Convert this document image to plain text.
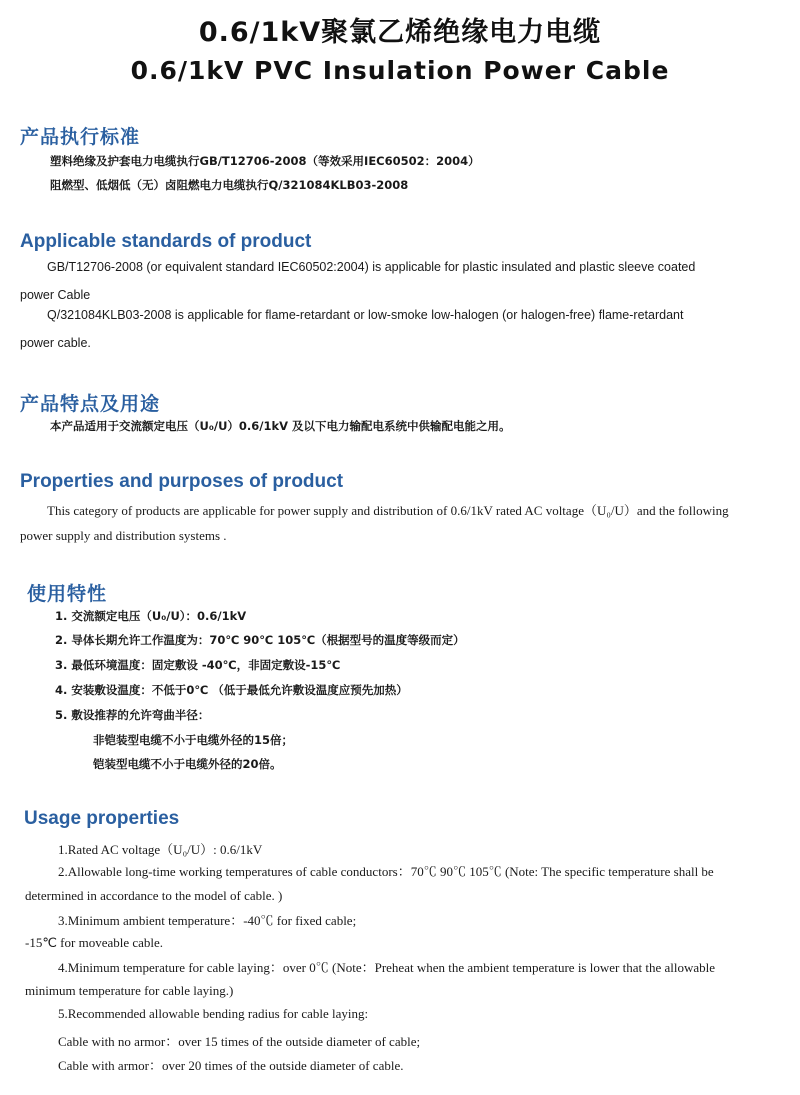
0.6/1kV聚氯乙烯绝缘电力电缆
0.6/1kV PVC Insulation Power Cable
产品执行标准

塑料绝缘及护套电力电缆执行GB/T12706-2008（等效采用IEC60502：2004）

阻燃型、低烟低（无）卤阻燃电力电缆执行Q/321084KLB03-2008

Applicable standards of product

GB/T12706-2008 (or equivalent standard IEC60502:2004) is applicable for plastic insulated and plastic sleeve coated

power Cable

Q/321084KLB03-2008 is applicable for flame-retardant or low-smoke low-halogen (or halogen-free) flame-retardant

power cable.

产品特点及用途

本产品适用于交流额定电压（U₀/U）0.6/1kV 及以下电力输配电系统中供输配电能之用。

Properties and purposes of product

This category of products are applicable for power supply and distribution of 0.6/1kV rated AC voltage（U₀/U）and the following

power supply and distribution systems .

使用特性

1. 交流额定电压（U₀/U）：0.6/1kV

2. 导体长期允许工作温度为：70℃ 90℃ 105℃（根据型号的温度等级而定）

3. 最低环境温度：固定敷设 -40℃，非固定敷设-15℃

4. 安装敷设温度：不低于0℃ （低于最低允许敷设温度应预先加热）

5. 敷设推荐的允许弯曲半径：

非铠装型电缆不小于电缆外径的15倍；

铠装型电缆不小于电缆外径的20倍。

Usage properties

1.Rated AC voltage（U₀/U）: 0.6/1kV

2.Allowable long-time working temperatures of cable conductors：70℃ 90℃ 105℃ (Note: The specific temperature shall be

determined in accordance to the model of cable. )

3.Minimum ambient temperature：-40℃ for fixed cable;

-15℃ for moveable cable.

4.Minimum temperature for cable laying：over 0℃ (Note：Preheat when the ambient temperature is lower that the allowable

minimum temperature for cable laying.)

5.Recommended allowable bending radius for cable laying:

Cable with no armor：over 15 times of the outside diameter of cable;

Cable with armor：over 20 times of the outside diameter of cable.
